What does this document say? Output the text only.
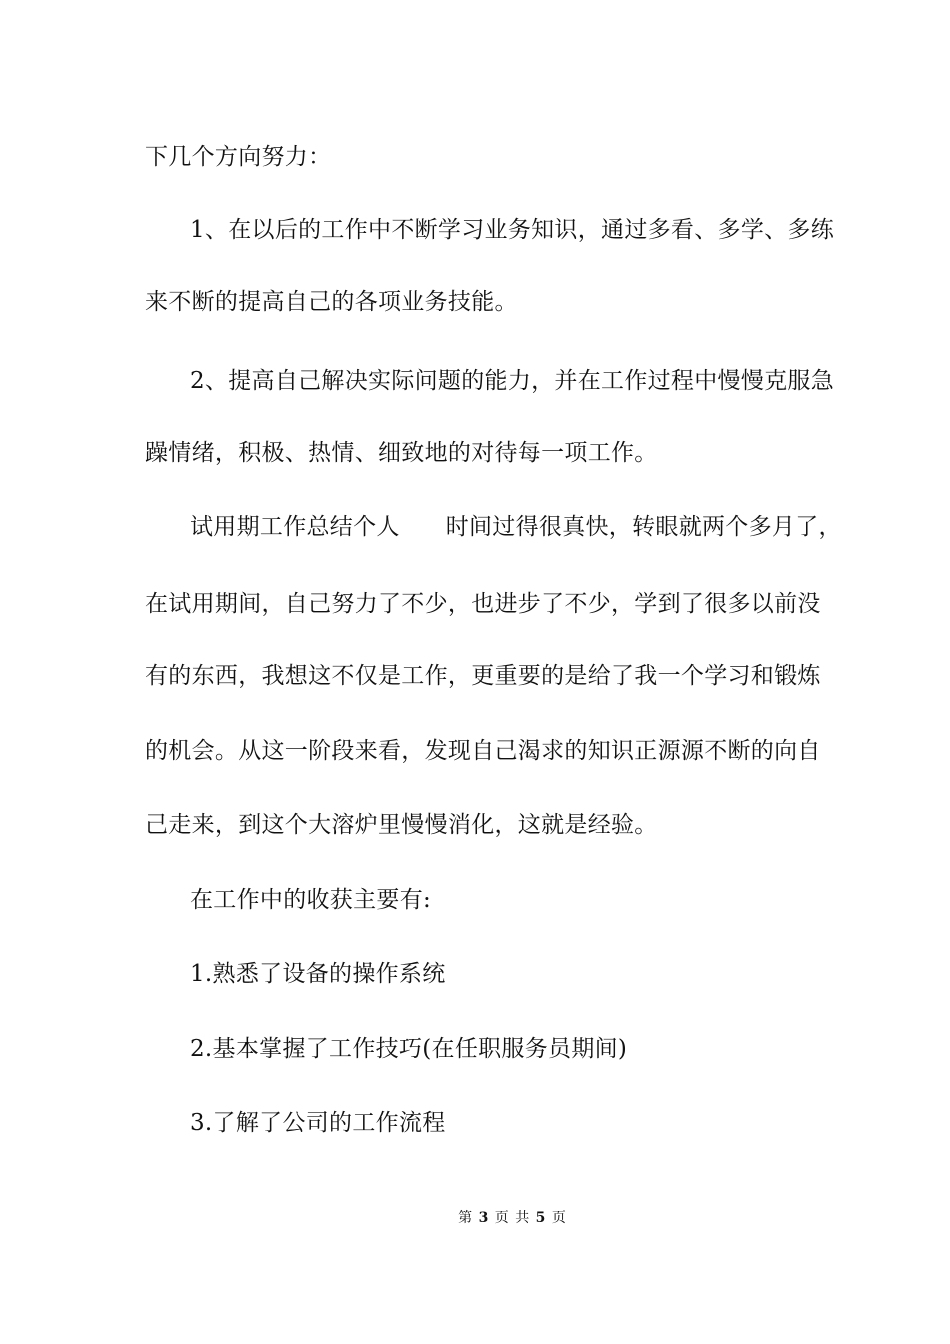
下几个方向努力：
1、在以后的工作中不断学习业务知识，通过多看、多学、多练
来不断的提高自己的各项业务技能。
2、提高自己解决实际问题的能力，并在工作过程中慢慢克服急
躁情绪，积极、热情、细致地的对待每一项工作。
试用期工作总结个人 时间过得很真快，转眼就两个多月了，
在试用期间，自己努力了不少，也进步了不少，学到了很多以前没
有的东西，我想这不仅是工作，更重要的是给了我一个学习和锻炼
的机会。从这一阶段来看，发现自己渴求的知识正源源不断的向自
己走来，到这个大溶炉里慢慢消化，这就是经验。
在工作中的收获主要有:
1.熟悉了设备的操作系统
2.基本掌握了工作技巧(在任职服务员期间)
3.了解了公司的工作流程
第 3 页 共 5 页
